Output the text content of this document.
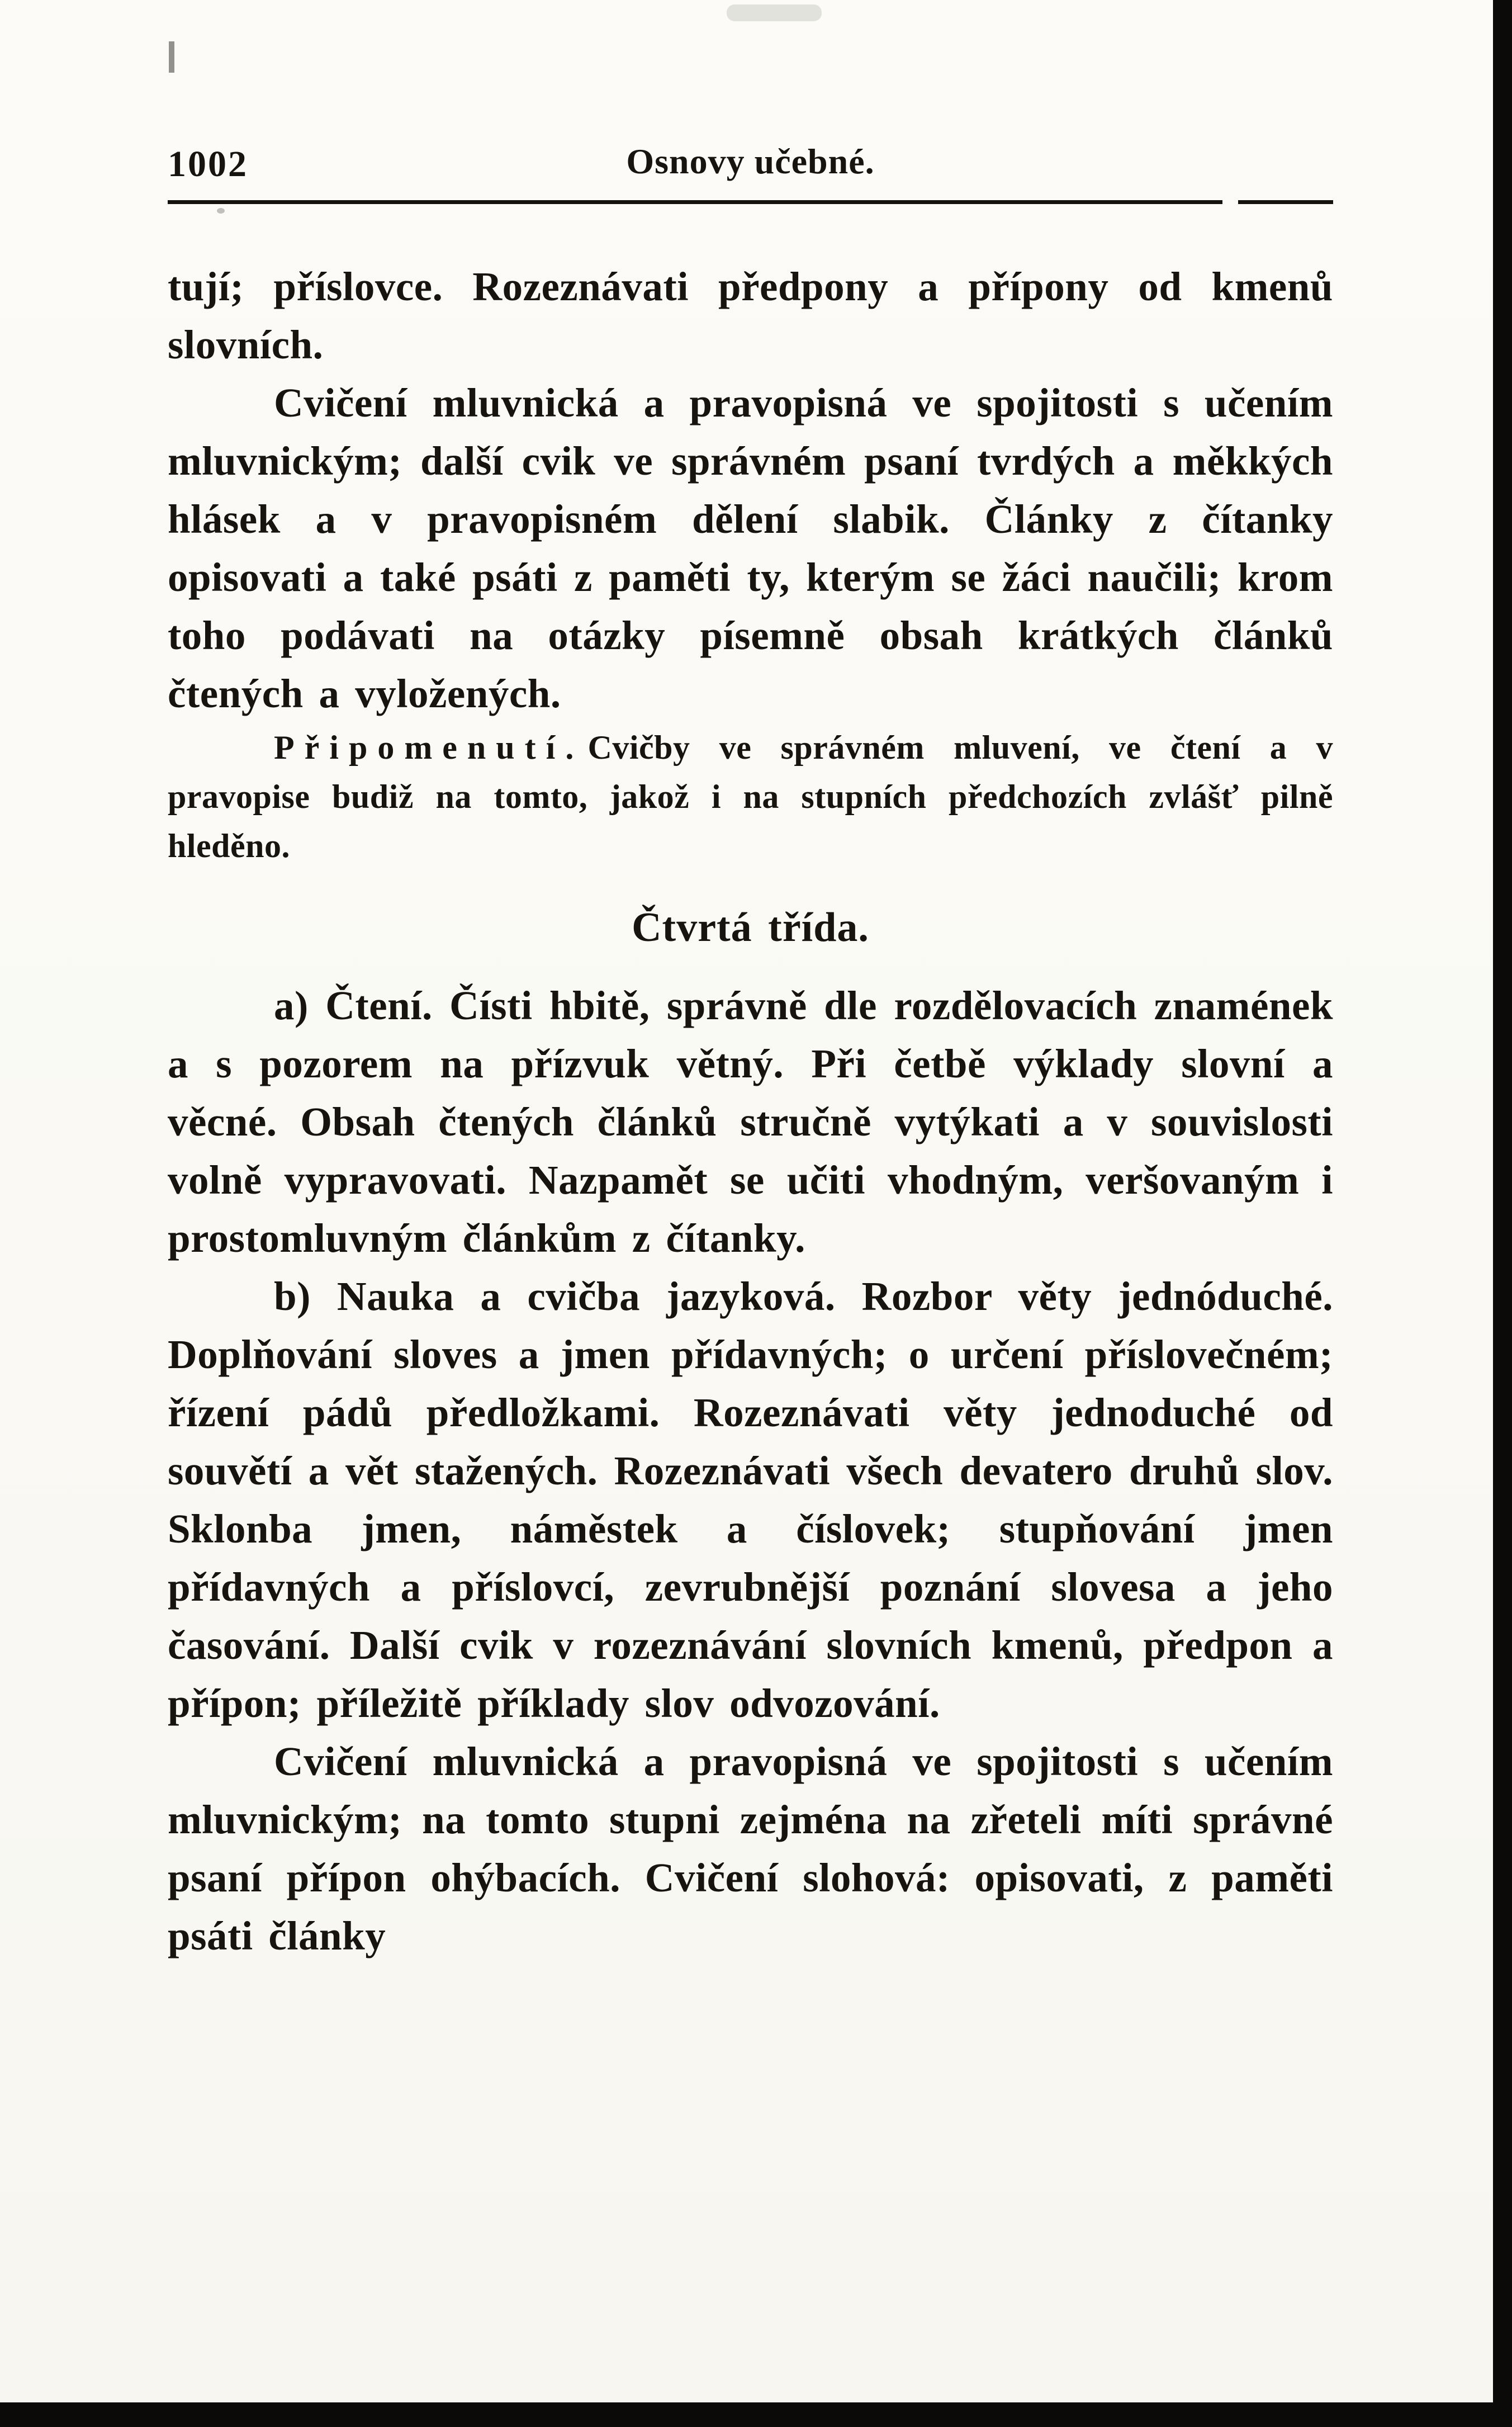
1002	Osnovy učebné.

tují; příslovce. Rozeznávati předpony a přípony od kmenů slovních.

Cvičení mluvnická a pravopisná ve spojitosti s učením mluvnickým; další cvik ve správném psaní tvrdých a měkkých hlásek a v pravopisném dělení slabik. Články z čítanky opisovati a také psáti z paměti ty, kterým se žáci naučili; krom toho podávati na otázky písemně obsah krátkých článků čtených a vyložených.

Připomenutí. Cvičby ve správném mluvení, ve čtení a v pravopise budiž na tomto, jakož i na stupních předchozích zvlášť pilně hleděno.

Čtvrtá třída.

a) Čtení. Čísti hbitě, správně dle rozdělovacích znamének a s pozorem na přízvuk větný. Při četbě výklady slovní a věcné. Obsah čtených článků stručně vytýkati a v souvislosti volně vypravovati. Nazpamět se učiti vhodným, veršovaným i prostomluvným článkům z čítanky.

b) Nauka a cvičba jazyková. Rozbor věty jednóduché. Doplňování sloves a jmen přídavných; o určení příslovečném; řízení pádů předložkami. Rozeznávati věty jednoduché od souvětí a vět stažených. Rozeznávati všech devatero druhů slov. Sklonba jmen, náměstek a číslovek; stupňování jmen přídavných a příslovcí, zevrubnější poznání slovesa a jeho časování. Další cvik v rozeznávání slovních kmenů, předpon a přípon; příležitě příklady slov odvozování.

Cvičení mluvnická a pravopisná ve spojitosti s učením mluvnickým; na tomto stupni zejména na zřeteli míti správné psaní přípon ohýbacích. Cvičení slohová: opisovati, z paměti psáti články
